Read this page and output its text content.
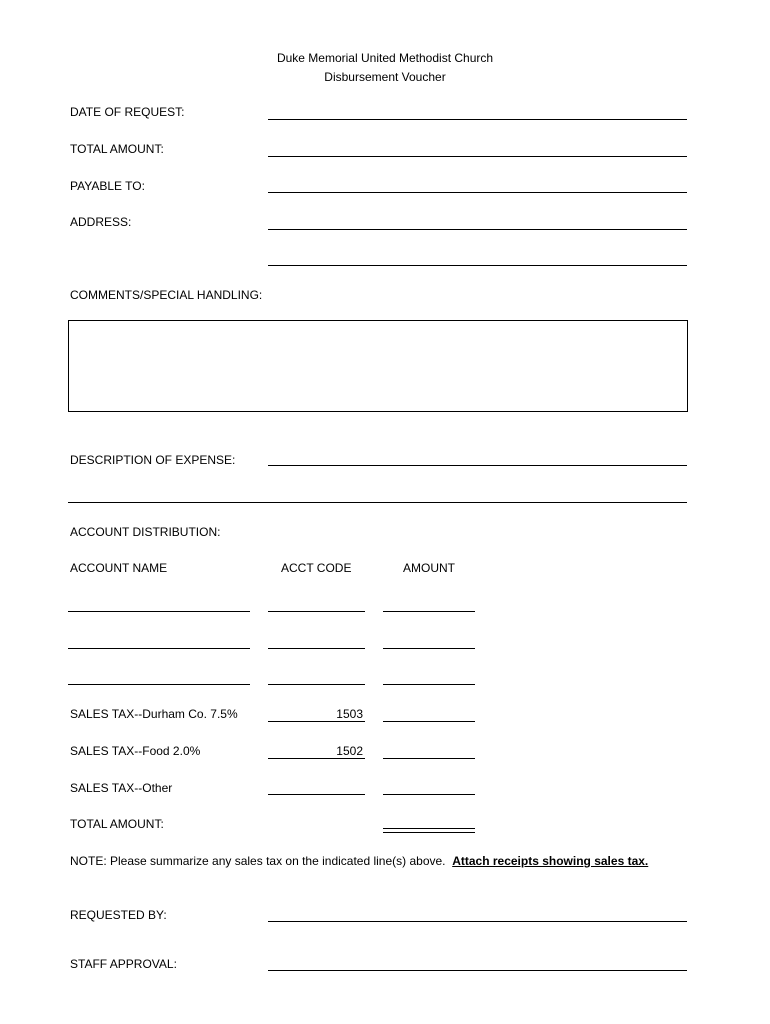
Duke Memorial United Methodist Church
Disbursement Voucher
DATE OF REQUEST:
TOTAL AMOUNT:
PAYABLE TO:
ADDRESS:
COMMENTS/SPECIAL HANDLING:
DESCRIPTION OF EXPENSE:
ACCOUNT DISTRIBUTION:
ACCOUNT NAME	ACCT CODE	AMOUNT
SALES TAX--Durham Co. 7.5%	1503
SALES TAX--Food 2.0%	1502
SALES TAX--Other
TOTAL AMOUNT:
NOTE: Please summarize any sales tax on the indicated line(s) above. Attach receipts showing sales tax.
REQUESTED BY:
STAFF APPROVAL:
